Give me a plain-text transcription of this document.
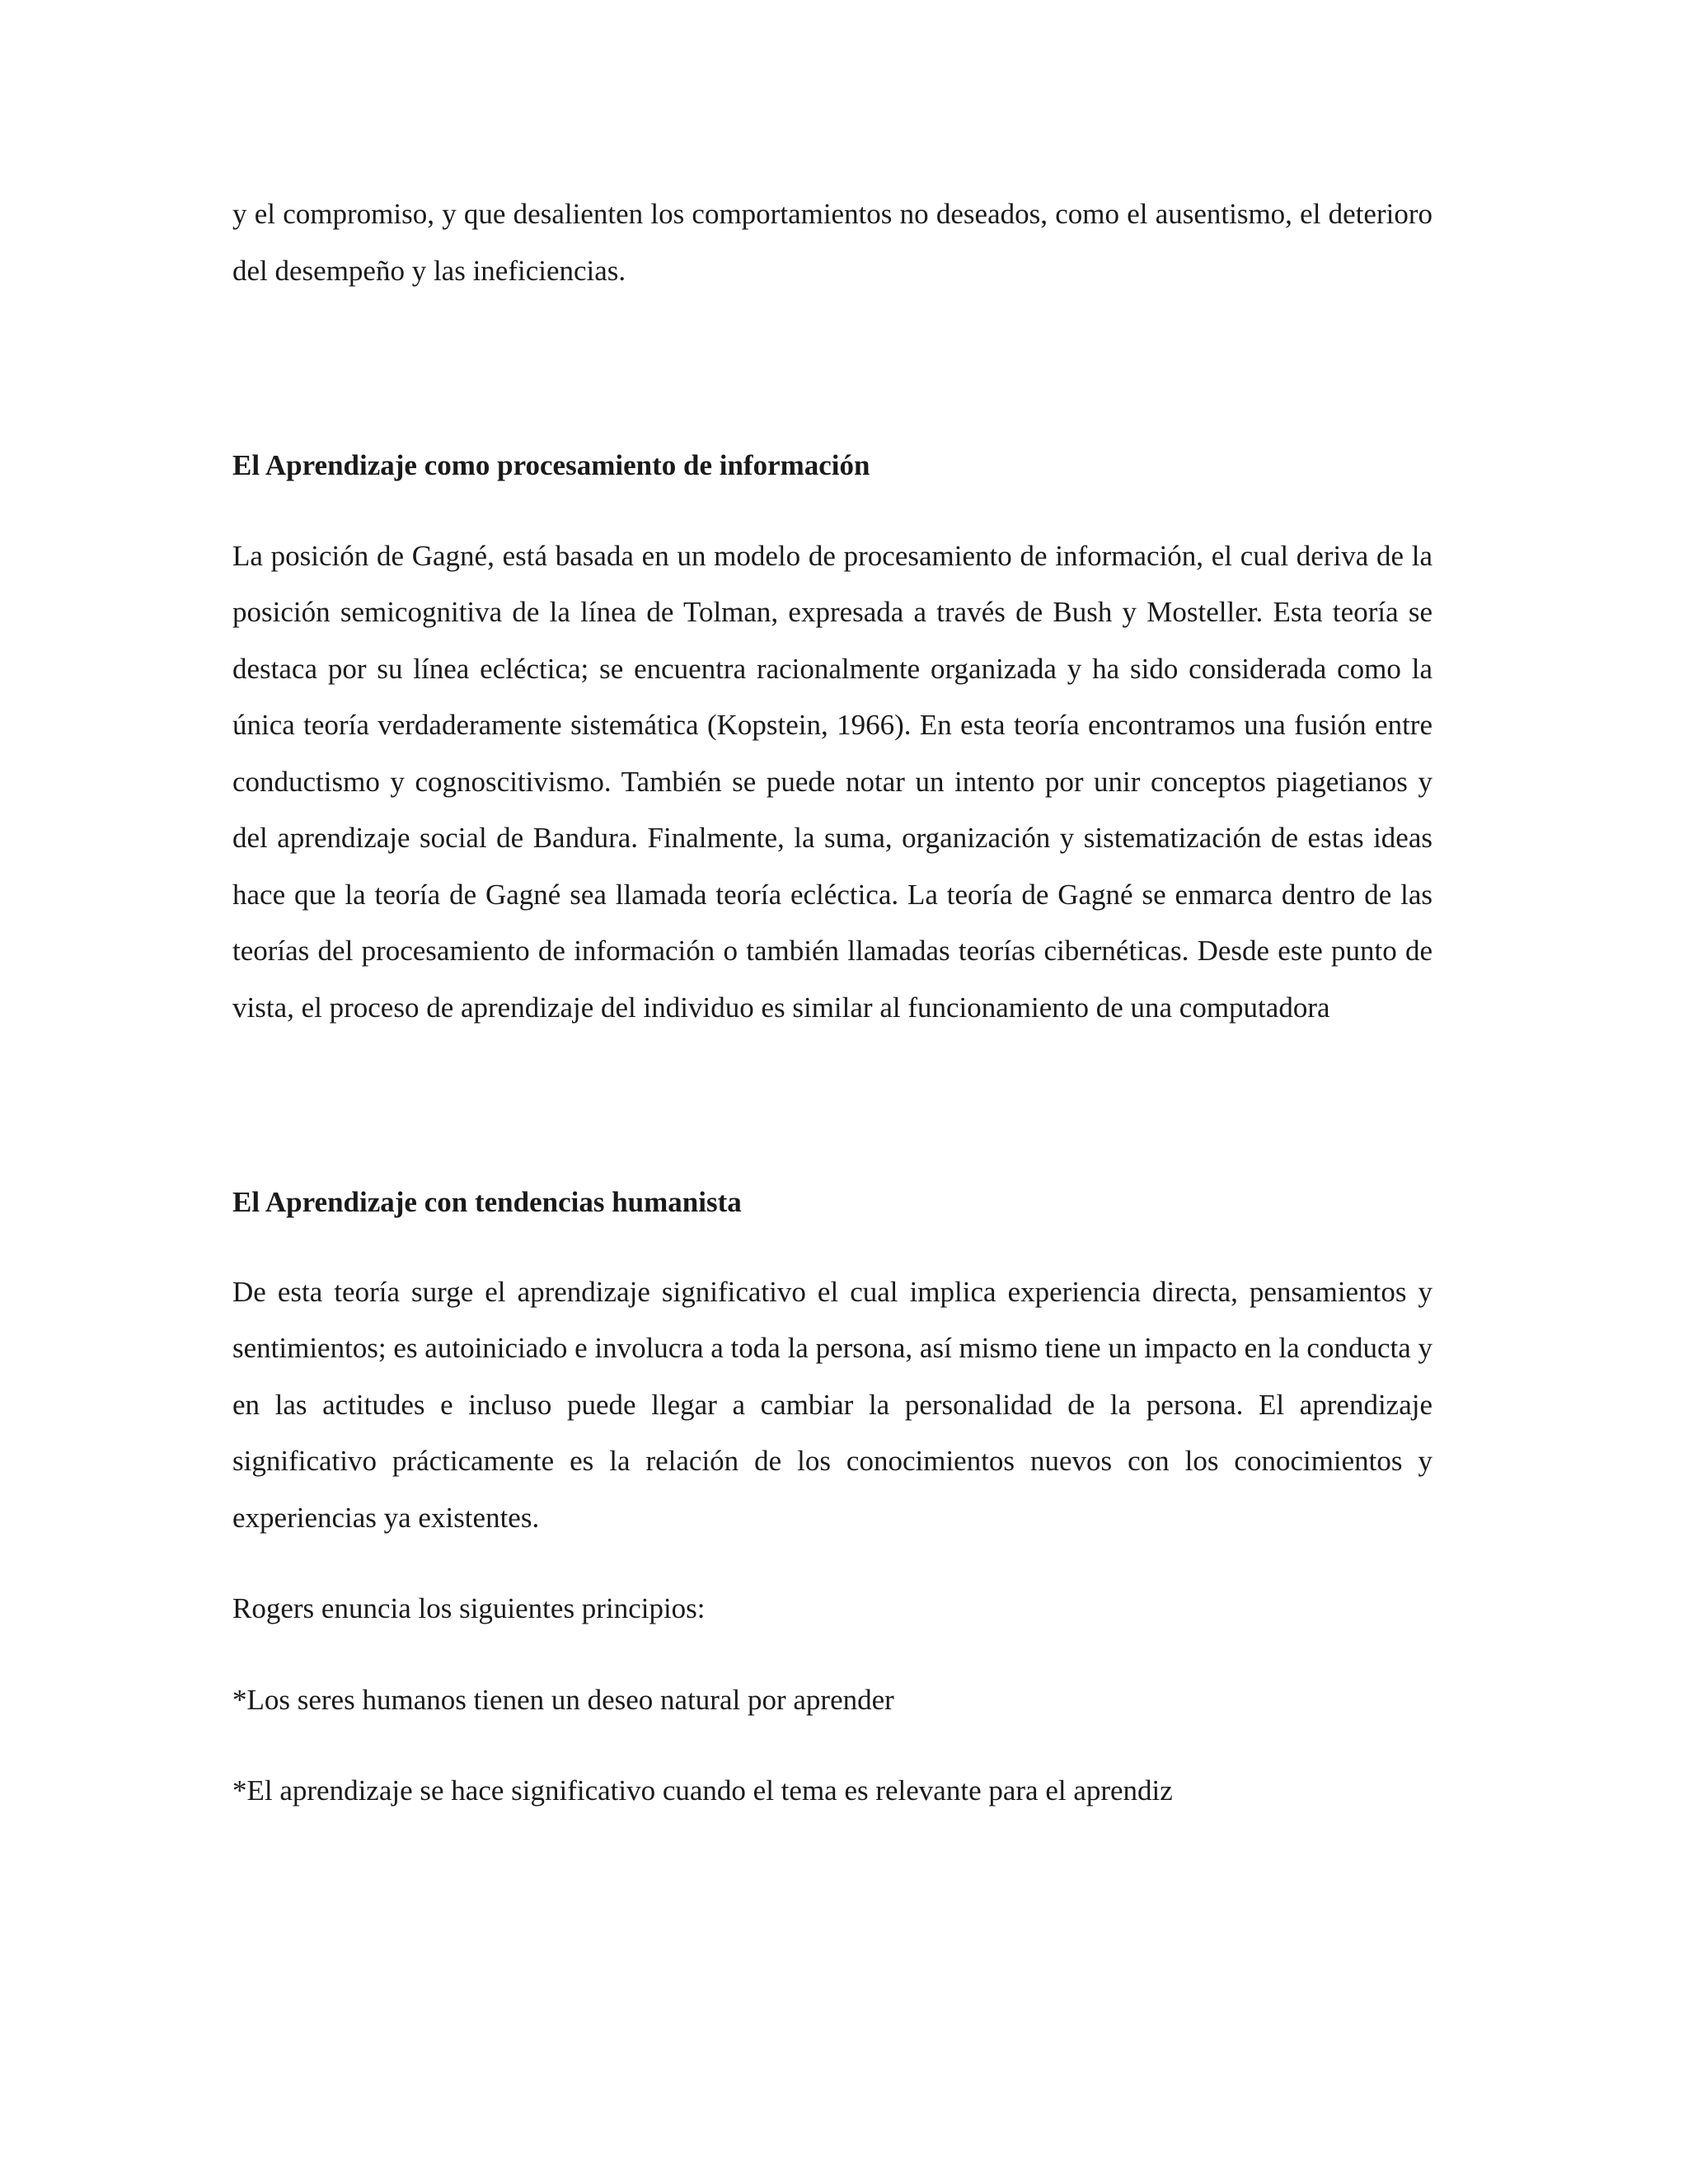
y el compromiso, y que desalienten los comportamientos no deseados, como el ausentismo, el deterioro del desempeño y las ineficiencias.

El Aprendizaje como procesamiento de información

La posición de Gagné, está basada en un modelo de procesamiento de información, el cual deriva de la posición semicognitiva de la línea de Tolman, expresada a través de Bush y Mosteller. Esta teoría se destaca por su línea ecléctica; se encuentra racionalmente organizada y ha sido considerada como la única teoría verdaderamente sistemática (Kopstein, 1966). En esta teoría encontramos una fusión entre conductismo y cognoscitivismo. También se puede notar un intento por unir conceptos piagetianos y del aprendizaje social de Bandura. Finalmente, la suma, organización y sistematización de estas ideas hace que la teoría de Gagné sea llamada teoría ecléctica. La teoría de Gagné se enmarca dentro de las teorías del procesamiento de información o también llamadas teorías cibernéticas. Desde este punto de vista, el proceso de aprendizaje del individuo es similar al funcionamiento de una computadora

El Aprendizaje con tendencias humanista

De esta teoría surge el aprendizaje significativo el cual implica experiencia directa, pensamientos y sentimientos; es autoiniciado e involucra a toda la persona, así mismo tiene un impacto en la conducta y en las actitudes e incluso puede llegar a cambiar la personalidad de la persona. El aprendizaje significativo prácticamente es la relación de los conocimientos nuevos con los conocimientos y experiencias ya existentes.

Rogers enuncia los siguientes principios:

*Los seres humanos tienen un deseo natural por aprender

*El aprendizaje se hace significativo cuando el tema es relevante para el aprendiz
